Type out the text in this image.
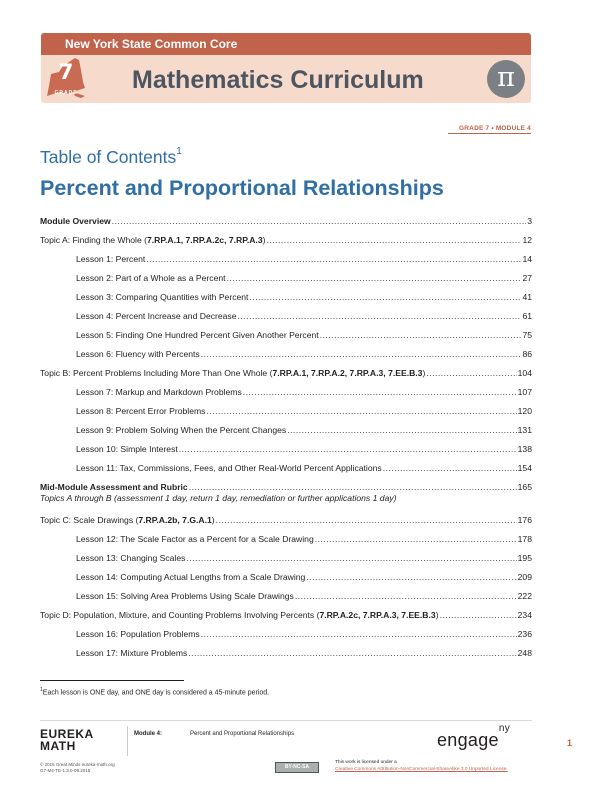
New York State Common Core
7
GRADE Mathematics Curriculum	π
GRADE 7 • MODULE 4
Table of Contents$^1$
Percent and Proportional Relationships
Module Overview .....	3
Topic A: Finding the Whole (7.RP.A.1, 7.RP.A.2c, 7.RP.A.3) .....	12
Lesson 1: Percent .....	14
Lesson 2: Part of a Whole as a Percent .....	27
Lesson 3: Comparing Quantities with Percent .....	41
Lesson 4: Percent Increase and Decrease .....	61
Lesson 5: Finding One Hundred Percent Given Another Percent .....	75
Lesson 6: Fluency with Percents .....	86
Topic B: Percent Problems Including More Than One Whole (7.RP.A.1, 7.RP.A.2, 7.RP.A.3, 7.EE.B.3) .....	104
Lesson 7: Markup and Markdown Problems .....	107
Lesson 8: Percent Error Problems .....	120
Lesson 9: Problem Solving When the Percent Changes .....	131
Lesson 10: Simple Interest .....	138
Lesson 11: Tax, Commissions, Fees, and Other Real-World Percent Applications .....	154
Mid-Module Assessment and Rubric .....	165
Topic C: Scale Drawings (7.RP.A.2b, 7.G.A.1) .....	176
Lesson 12: The Scale Factor as a Percent for a Scale Drawing .....	178
Lesson 13: Changing Scales .....	195
Lesson 14: Computing Actual Lengths from a Scale Drawing .....	209
Lesson 15: Solving Area Problems Using Scale Drawings .....	222
Topic D: Population, Mixture, and Counting Problems Involving Percents (7.RP.A.2c, 7.RP.A.3, 7.EE.B.3) .....	234
Lesson 16: Population Problems .....	236
Lesson 17: Mixture Problems .....	248
Topics A through B (assessment 1 day, return 1 day, remediation or further applications 1 day)
$^1$Each lesson is ONE day, and ONE day is considered a 45-minute period.
EUREKA
MATH
Module 4:	Percent and Proportional Relationships	engage$^{ny}$
1
© 2015 Great Minds eureka-math.org
G7-M4-TE-1.3.0-09.2015
BY-NC-SA
This work is licensed under a
Creative Commons Attribution-NonCommercial-ShareAlike 3.0 Unported License.
